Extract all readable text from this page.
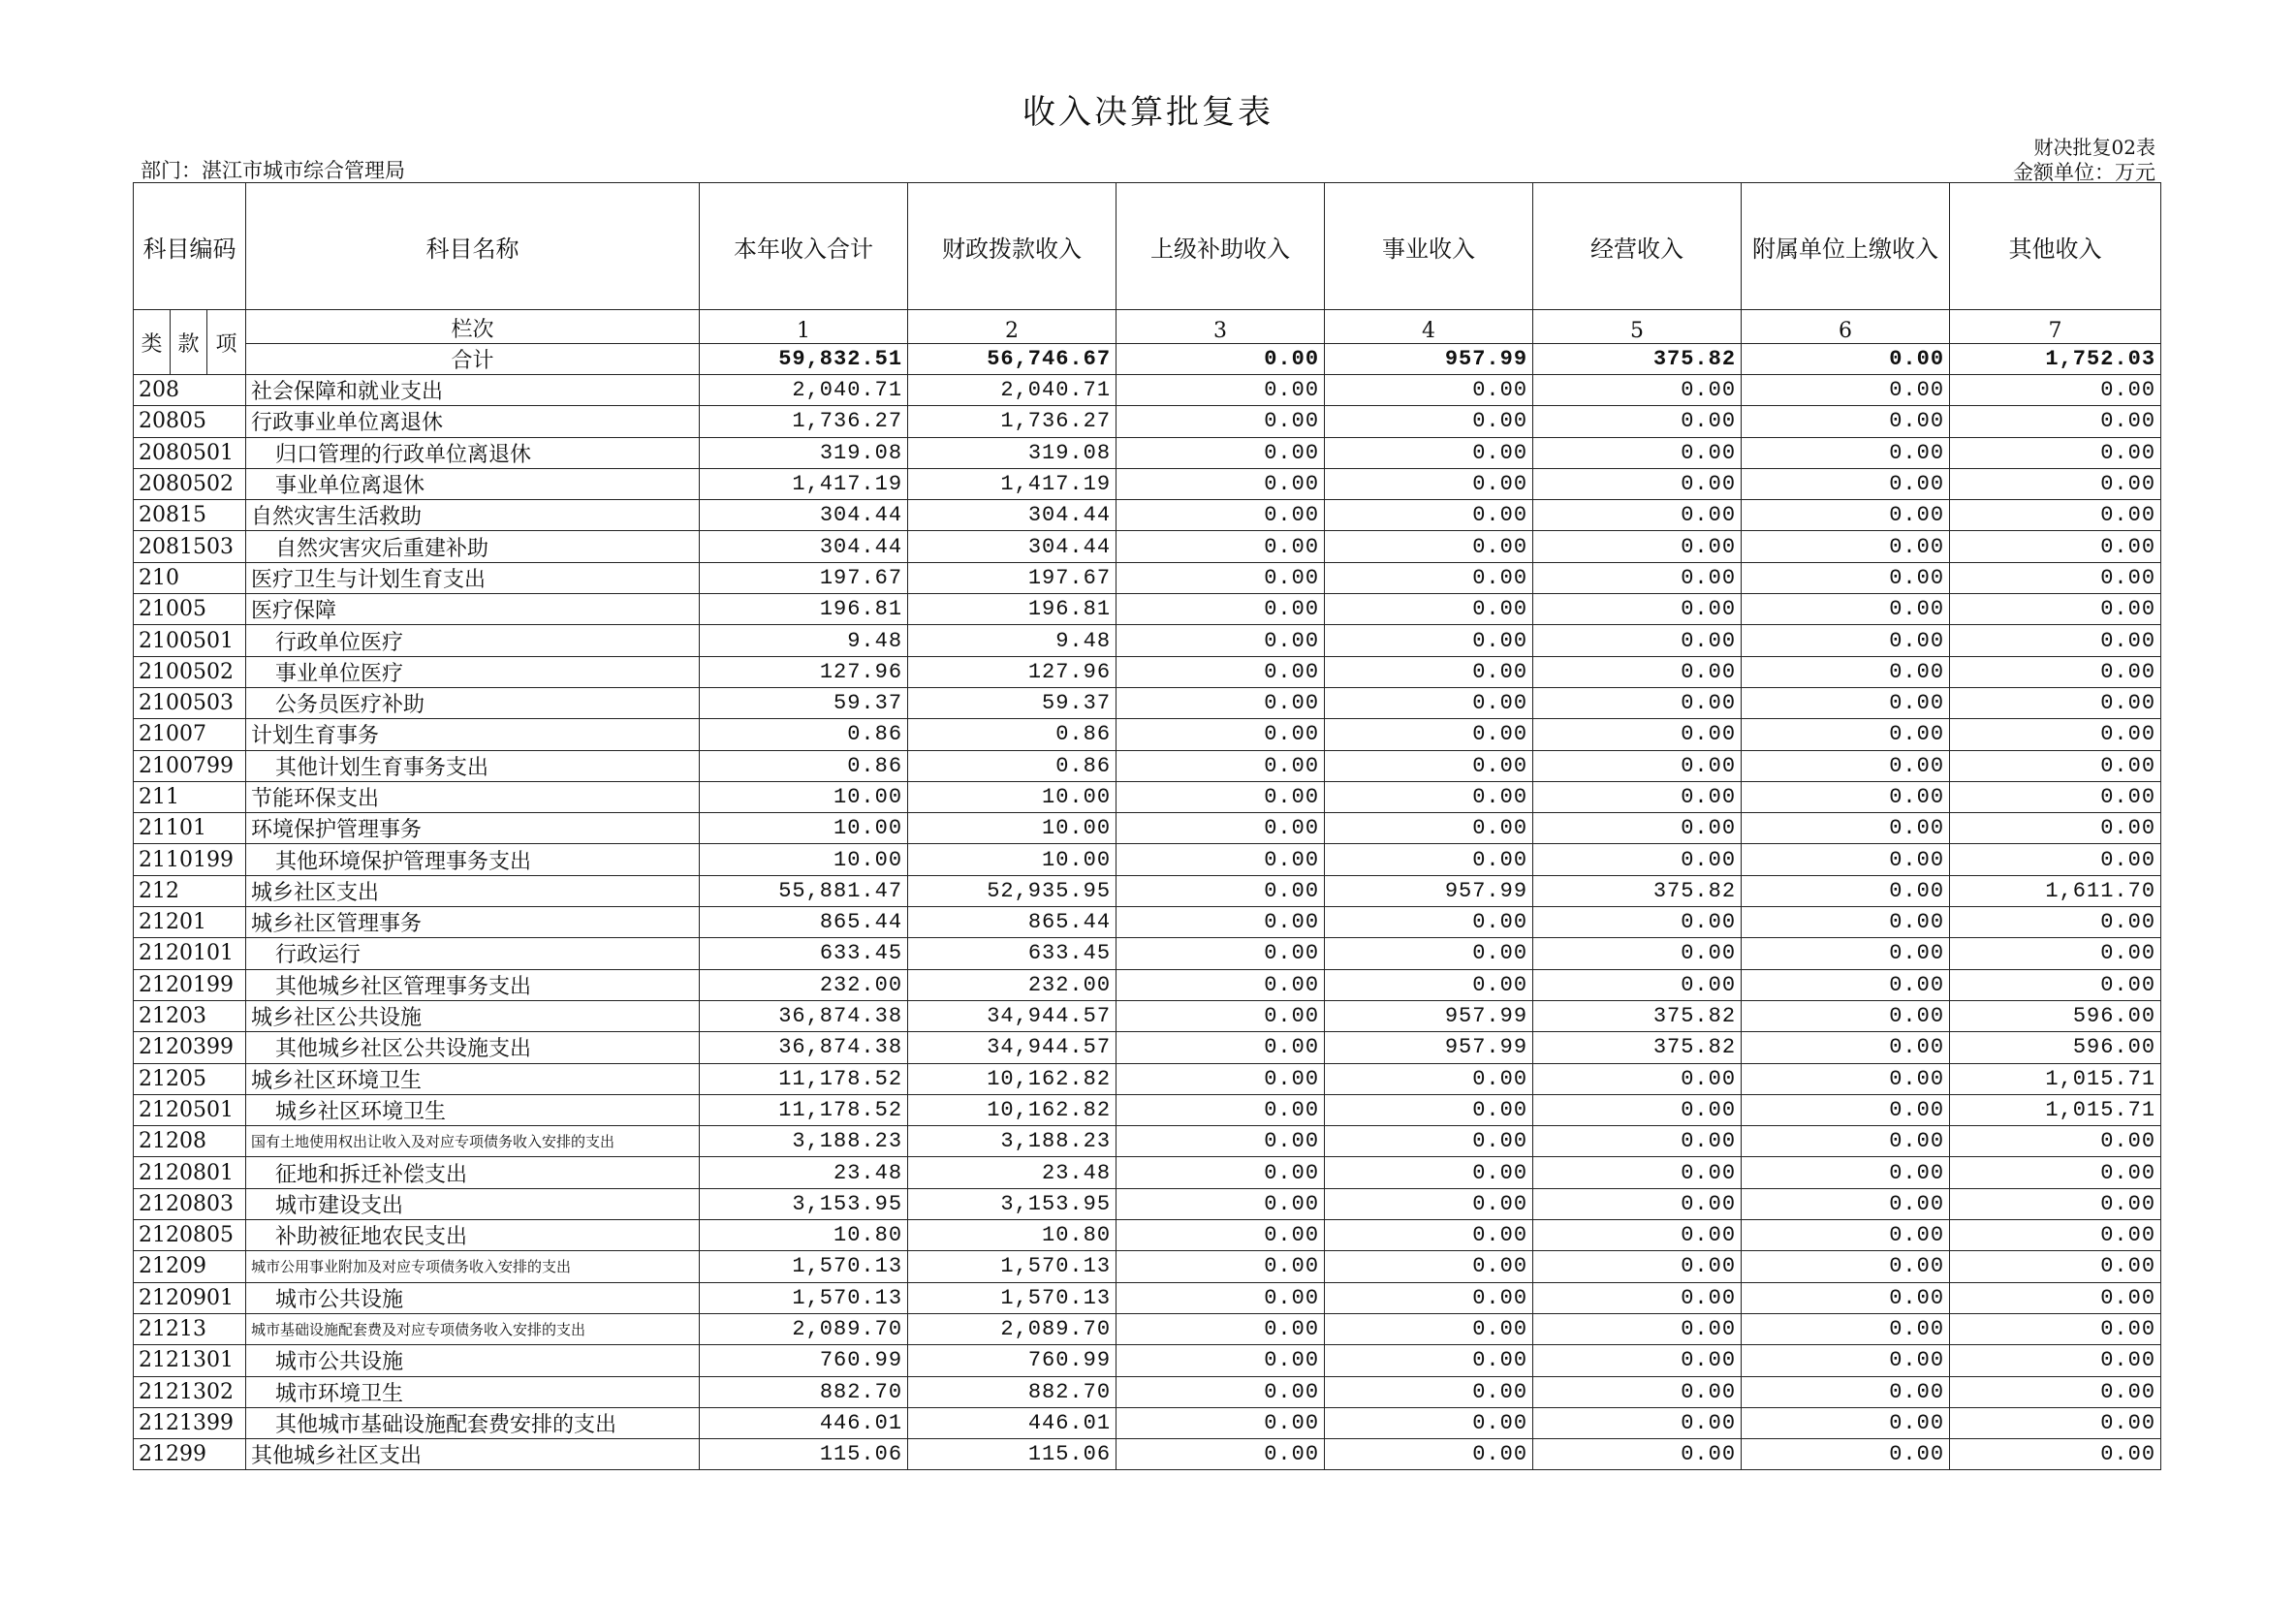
收入决算批复表
部门：湛江市城市综合管理局
财决批复02表
金额单位：万元
科目编码			科目名称	本年收入合计	财政拨款收入	上级补助收入	事业收入	经营收入	附属单位上缴收入	其他收入
类	款	项	栏次	1	2	3	4	5	6	7
			合计	59,832.51	56,746.67	0.00	957.99	375.82	0.00	1,752.03
208			社会保障和就业支出	2,040.71	2,040.71	0.00	0.00	0.00	0.00	0.00
20805			行政事业单位离退休	1,736.27	1,736.27	0.00	0.00	0.00	0.00	0.00
2080501			归口管理的行政单位离退休	319.08	319.08	0.00	0.00	0.00	0.00	0.00
2080502			事业单位离退休	1,417.19	1,417.19	0.00	0.00	0.00	0.00	0.00
20815			自然灾害生活救助	304.44	304.44	0.00	0.00	0.00	0.00	0.00
2081503			自然灾害灾后重建补助	304.44	304.44	0.00	0.00	0.00	0.00	0.00
210			医疗卫生与计划生育支出	197.67	197.67	0.00	0.00	0.00	0.00	0.00
21005			医疗保障	196.81	196.81	0.00	0.00	0.00	0.00	0.00
2100501			行政单位医疗	9.48	9.48	0.00	0.00	0.00	0.00	0.00
2100502			事业单位医疗	127.96	127.96	0.00	0.00	0.00	0.00	0.00
2100503			公务员医疗补助	59.37	59.37	0.00	0.00	0.00	0.00	0.00
21007			计划生育事务	0.86	0.86	0.00	0.00	0.00	0.00	0.00
2100799			其他计划生育事务支出	0.86	0.86	0.00	0.00	0.00	0.00	0.00
211			节能环保支出	10.00	10.00	0.00	0.00	0.00	0.00	0.00
21101			环境保护管理事务	10.00	10.00	0.00	0.00	0.00	0.00	0.00
2110199			其他环境保护管理事务支出	10.00	10.00	0.00	0.00	0.00	0.00	0.00
212			城乡社区支出	55,881.47	52,935.95	0.00	957.99	375.82	0.00	1,611.70
21201			城乡社区管理事务	865.44	865.44	0.00	0.00	0.00	0.00	0.00
2120101			行政运行	633.45	633.45	0.00	0.00	0.00	0.00	0.00
2120199			其他城乡社区管理事务支出	232.00	232.00	0.00	0.00	0.00	0.00	0.00
21203			城乡社区公共设施	36,874.38	34,944.57	0.00	957.99	375.82	0.00	596.00
2120399			其他城乡社区公共设施支出	36,874.38	34,944.57	0.00	957.99	375.82	0.00	596.00
21205			城乡社区环境卫生	11,178.52	10,162.82	0.00	0.00	0.00	0.00	1,015.71
2120501			城乡社区环境卫生	11,178.52	10,162.82	0.00	0.00	0.00	0.00	1,015.71
21208			国有土地使用权出让收入及对应专项债务收入安排的支出	3,188.23	3,188.23	0.00	0.00	0.00	0.00	0.00
2120801			征地和拆迁补偿支出	23.48	23.48	0.00	0.00	0.00	0.00	0.00
2120803			城市建设支出	3,153.95	3,153.95	0.00	0.00	0.00	0.00	0.00
2120805			补助被征地农民支出	10.80	10.80	0.00	0.00	0.00	0.00	0.00
21209			城市公用事业附加及对应专项债务收入安排的支出	1,570.13	1,570.13	0.00	0.00	0.00	0.00	0.00
2120901			城市公共设施	1,570.13	1,570.13	0.00	0.00	0.00	0.00	0.00
21213			城市基础设施配套费及对应专项债务收入安排的支出	2,089.70	2,089.70	0.00	0.00	0.00	0.00	0.00
2121301			城市公共设施	760.99	760.99	0.00	0.00	0.00	0.00	0.00
2121302			城市环境卫生	882.70	882.70	0.00	0.00	0.00	0.00	0.00
2121399			其他城市基础设施配套费安排的支出	446.01	446.01	0.00	0.00	0.00	0.00	0.00
21299			其他城乡社区支出	115.06	115.06	0.00	0.00	0.00	0.00	0.00
